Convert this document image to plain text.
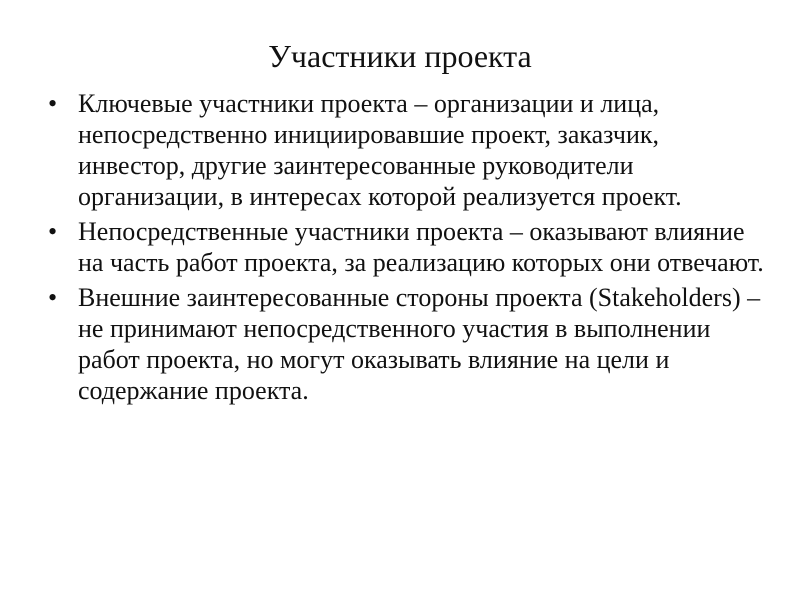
Участники проекта
• Ключевые участники проекта – организации и лица, непосредственно инициировавшие проект, заказчик, инвестор, другие заинтересованные руководители организации, в интересах которой реализуется проект.
• Непосредственные участники проекта – оказывают влияние на часть работ проекта, за реализацию которых они отвечают.
• Внешние заинтересованные стороны проекта (Stakeholders) – не принимают непосредственного участия в выполнении работ проекта, но могут оказывать влияние на цели и содержание проекта.
